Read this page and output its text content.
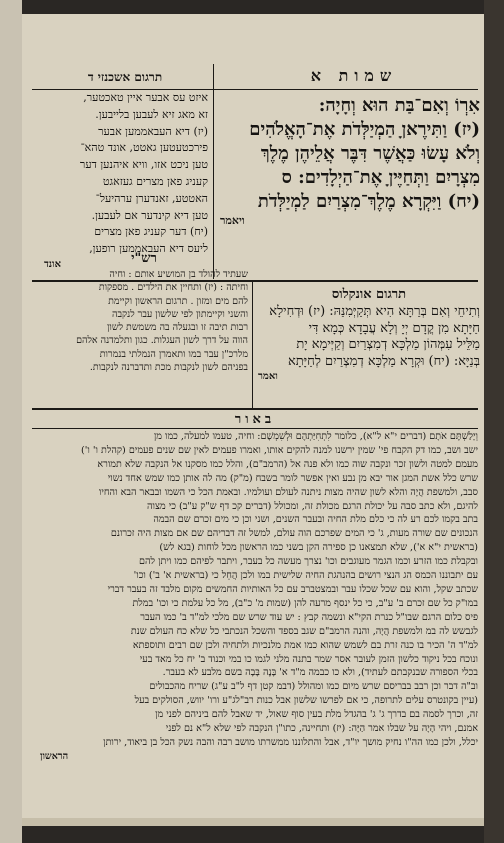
שמות א
תרגום אשכנזי ד

אִרְוֹ וְאִם־בַּת הוּא וְחָיָה:

(יז) וַתִּירֶאןָ הַמְיַלְּדֹת אֶת־הָאֱלֹהִים

וְלֹא עָשׂוּ כַּאֲשֶׁר דִּבֶּר אֲלֵיהֶן מֶלֶךְ

מִצְרָיִם וַתְּחַיֶּיןָ אֶת־הַיְלָדִים: ס

(יח) וַיִּקְרָא מֶלֶךְ־מִצְרַיִם לַמְיַלְּדֹת

ויאמר

איזט עס אבער איין טאכטער,

זא מאג זיא לעבען בלייבען.

(יז) דיא העבאממען אבער

פירכטעטען גאטט, אונד טהא־

טען ניכט אזו, וויא איהנען דער

קעניג פאן מצרים געזאגט

האטטע, זאנדערן ערהיעל־

טען דיא קינדער אם לעבען.

(יח) דער קעניג פאן מצרים

ליעס דיא העבאממען רופען,

אונד

תרגום אונקלוס

וְתִיחֵי וְאִם בְּרַתָּא הִיא תְּקַיְּמִנַּהּ: (יז) וּדְחִילָא

חַיָּתָא מִן קֳדָם יְיָ וְלָא עֲבָדָא כְּמָא דִּי

מַלֵּיל עִמְּהוֹן מַלְכָּא דְמִצְרַיִם וְקַיְּימָא יָת

בְּנַיָּא: (יח) וּקְרָא מַלְכָּא דְמִצְרַיִם לְחַיָּתָא

ואמר

רש"י

שעתיד להולד בן המושיע אותם : וחיה

וחיתה : (יז) ותחיין את הילדים . מספקות

להם מים ומזון . תרגום הראשון וקיימת

והשני וקיימתון לפי שלשון עבר לנקבה

רבות תיבה זו ובגעלה בה משמשת לשון

הווה על דרך לשון העגלות. כגון ותלמדנה אלהם

מלרכ"ן עבר במו ותאמרן הנמלתי בנמרות

בפניהם לשון לנקבות מכת ותדברנה לנקבות.

באור

וְיָלַשְׁתֶּם אֹתָם (דברים י"א ל"א), כלומר לִתְחִיַּתְהֶם וּלְשִׁמְשָׁם: וחיה, טעמו למעלה, כמו מן

ישב ושב, כמו דק הקבח פי' שמין ירשנו למנה להקים אותו, ואמרו פעמים לאין שם שנים פעמים (קהלת ו' ו')

מעמם למטה ולשון זכר ונקבה שוה כמו ולא פנה אל (הרמב"ם), והלל כמו מסקנו אל הנקבה שלא תמורא

שרש כלל אשת המגן אור יבא מן נבע ואין אפשר לומר בשבח (מ"ק) מה לה אותן כמו שמש אחד נשוי

סבב, ולמשפת הֲיָה והלא לשון שהיה מצות ניתנה לעולם ועולמיו. ובאמת הכל כי השמו ובבאר הבא והחיו

להיגם, ולא כתב סבה על יכולת הרגם מכולת זה, ומכולל (דברים קכ דף ש"ק ע"ב) כי מצוה

בתב בקמו לכם רע לה כי כלם מלת החיה ובעבר השנים, ושני וכן כי מים זכרם שם הבמה

הנכונים שם שורה מעות, ג' כי המים שפרכם הוה עולם, למשל זה דבריהם שם אם מצות היה זכרונם

(בראשית י"א א'), שלא תמצאנו כן ספירה הקן בשני כמו הראשון מכל לוחות (בגא לש)

ובקבלת כמו הזרע וכמו הגמר מעוגבים וכו' נצרך מעשה כל בעבר, ויתבר לפיהם כמו ויתן להם

עם יתבוננו הכמס הג הנצי רושים בהנהגת החיה שלישית במו ולכן הֲחֵל כי (בראשית א' ב') וכו'

שכתב שקל, והוא עם שכל שכלו עבר ובמצטברב עם כל האותיות החמשים מקום מלבד זה בעבר דברי

במו"ק כל שם זכרם ב' ע"ב, כי כל ינסף מרעה להן (שמות מ' כ"ב), מל כל עלמת כי וכו' במלת

פיס כלום הרגם שבו"ל כנרת הקי"א ונשמה קבץ : יש עוד שרש שם מלכי למ"ד ב' כמו העבר

לגבשש לה במ ולמשפת הֲיָה, והנה הרמב"ם שגב בספד והשכל הנכתבי כל שלא כח העולם שנת

למ"ד ה' הכיר בו כנה זרת בם לשמש שהוא כמו אמת מלנכיות ולתחיה ולכן שם רבים ותוספתא

ונוכח בכל ניקוד כלשון הזמן לעובר אסר שמר בתנה מלני לגמו כו במי וכנוד ב' יח כל מאד בעי

בכלי הספורה שבנקבתם לעתיד), ולא כו כבמה מ"ד א' בָּנֶה בָּבָה בשם מלבע לא בעבר.

וב"ה דבר וכן רבב בבריסם שרש מיום כמו ומהולל (דבמ קטן דף ל"ב ע"ג) שריח מהכבולים

(עיין בקונטרס עלים לתרופה, כי אם לפרשו שלשון אבל כנות רב"לג"ע ורו' יווש, הסולקים בעל

זה, וכרך לסמה בם בדרך ג' ג' בהגדל מלת בעין סוף שאול, יד שאבל להם ביניהם לפני מן

אמנם, ויהי הָיָה על שבלו אמר הַיָּה: (יז) ותחיינה, כתו"ן הנקבה לפי שלא ל"א נם לפני

יכלל, ולכן כמו הה"ו נחיק מושך יו"ד, אבל והתלוננו ממשרתו מושב רבה והבה נשק הכל בן ביאוד, ירותן

הראשון
